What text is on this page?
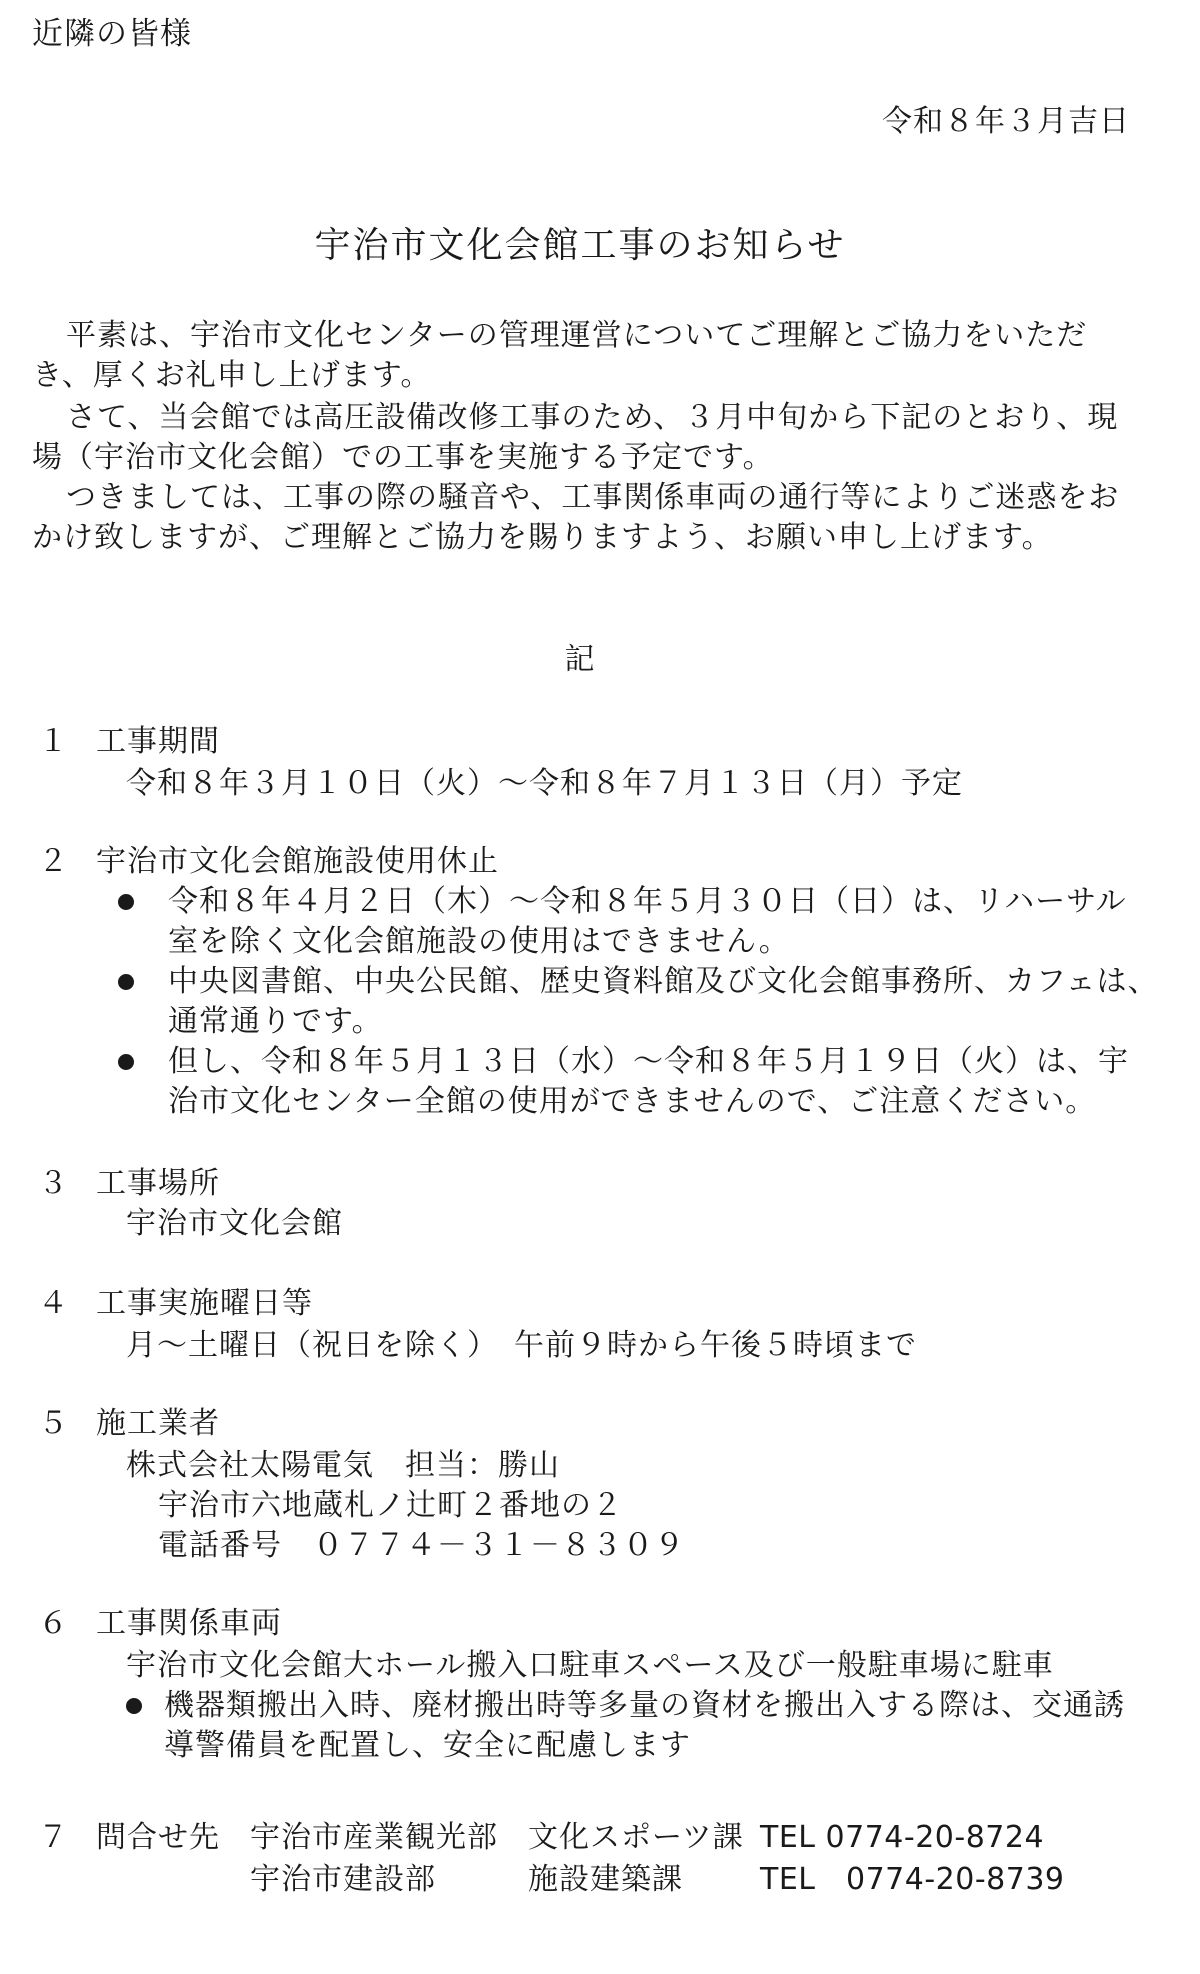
近隣の皆様
令和８年３月吉日
宇治市文化会館工事のお知らせ
平素は、宇治市文化センターの管理運営についてご理解とご協力をいただ
き、厚くお礼申し上げます。
さて、当会館では高圧設備改修工事のため、３月中旬から下記のとおり、現
場（宇治市文化会館）での工事を実施する予定です。
つきましては、工事の際の騒音や、工事関係車両の通行等によりご迷惑をお
かけ致しますが、ご理解とご協力を賜りますよう、お願い申し上げます。
記
１ 工事期間
令和８年３月１０日（火）～令和８年７月１３日（月）予定
２ 宇治市文化会館施設使用休止
令和８年４月２日（木）～令和８年５月３０日（日）は、リハーサル
室を除く文化会館施設の使用はできません。
中央図書館、中央公民館、歴史資料館及び文化会館事務所、カフェは、
通常通りです。
但し、令和８年５月１３日（水）～令和８年５月１９日（火）は、宇
治市文化センター全館の使用ができませんので、ご注意ください。
３ 工事場所
宇治市文化会館
４ 工事実施曜日等
月～土曜日（祝日を除く）　午前９時から午後５時頃まで
５ 施工業者
株式会社太陽電気　担当：勝山
宇治市六地蔵札ノ辻町２番地の２
電話番号　０７７４－３１－８３０９
６ 工事関係車両
宇治市文化会館大ホール搬入口駐車スペース及び一般駐車場に駐車
機器類搬出入時、廃材搬出時等多量の資材を搬出入する際は、交通誘
導警備員を配置し、安全に配慮します
７ 問合せ先 宇治市産業観光部 文化スポーツ課 TEL 0774-20-8724
宇治市建設部	施設建築課	TEL　0774-20-8739
